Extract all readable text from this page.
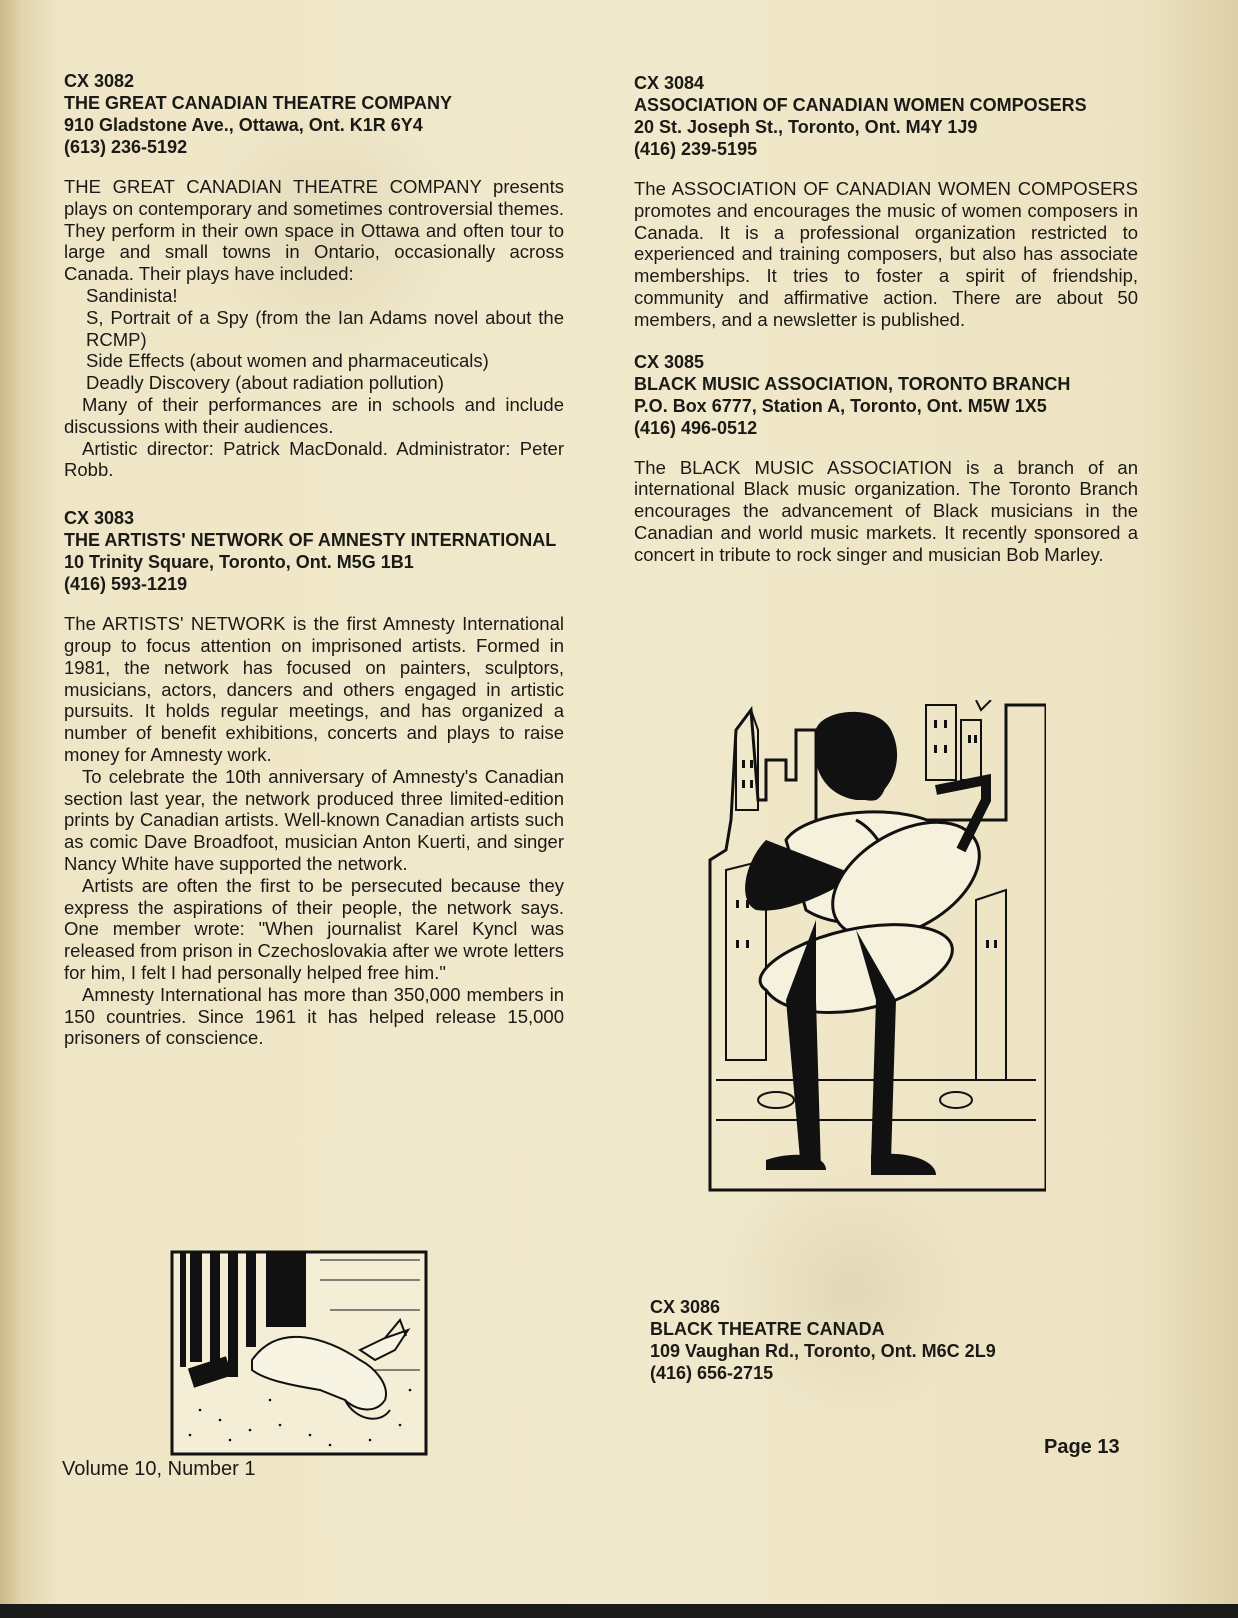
CX 3082

THE GREAT CANADIAN THEATRE COMPANY

910 Gladstone Ave., Ottawa, Ont. K1R 6Y4

(613) 236-5192

THE GREAT CANADIAN THEATRE COMPANY presents plays on contemporary and sometimes controversial themes. They perform in their own space in Ottawa and often tour to large and small towns in Ontario, occasionally across Canada. Their plays have included:

Sandinista!

S, Portrait of a Spy (from the Ian Adams novel about the RCMP)

Side Effects (about women and pharmaceuticals)

Deadly Discovery (about radiation pollution)

Many of their performances are in schools and include discussions with their audiences.

Artistic director: Patrick MacDonald. Administrator: Peter Robb.

CX 3083

THE ARTISTS' NETWORK OF AMNESTY INTERNATIONAL

10 Trinity Square, Toronto, Ont. M5G 1B1

(416) 593-1219

The ARTISTS' NETWORK is the first Amnesty International group to focus attention on imprisoned artists. Formed in 1981, the network has focused on painters, sculptors, musicians, actors, dancers and others engaged in artistic pursuits. It holds regular meetings, and has organized a number of benefit exhibitions, concerts and plays to raise money for Amnesty work.

To celebrate the 10th anniversary of Amnesty's Canadian section last year, the network produced three limited-edition prints by Canadian artists. Well-known Canadian artists such as comic Dave Broadfoot, musician Anton Kuerti, and singer Nancy White have supported the network.

Artists are often the first to be persecuted because they express the aspirations of their people, the network says. One member wrote: "When journalist Karel Kyncl was released from prison in Czechoslovakia after we wrote letters for him, I felt I had personally helped free him."

Amnesty International has more than 350,000 members in 150 countries. Since 1961 it has helped release 15,000 prisoners of conscience.

CX 3084

ASSOCIATION OF CANADIAN WOMEN COMPOSERS

20 St. Joseph St., Toronto, Ont. M4Y 1J9

(416) 239-5195

The ASSOCIATION OF CANADIAN WOMEN COMPOSERS promotes and encourages the music of women composers in Canada. It is a professional organization restricted to experienced and training composers, but also has associate memberships. It tries to foster a spirit of friendship, community and affirmative action. There are about 50 members, and a newsletter is published.

CX 3085

BLACK MUSIC ASSOCIATION, TORONTO BRANCH

P.O. Box 6777, Station A, Toronto, Ont. M5W 1X5

(416) 496-0512

The BLACK MUSIC ASSOCIATION is a branch of an international Black music organization. The Toronto Branch encourages the advancement of Black musicians in the Canadian and world music markets. It recently sponsored a concert in tribute to rock singer and musician Bob Marley.

CX 3086

BLACK THEATRE CANADA

109 Vaughan Rd., Toronto, Ont. M6C 2L9

(416) 656-2715

Volume 10, Number 1
Page 13
